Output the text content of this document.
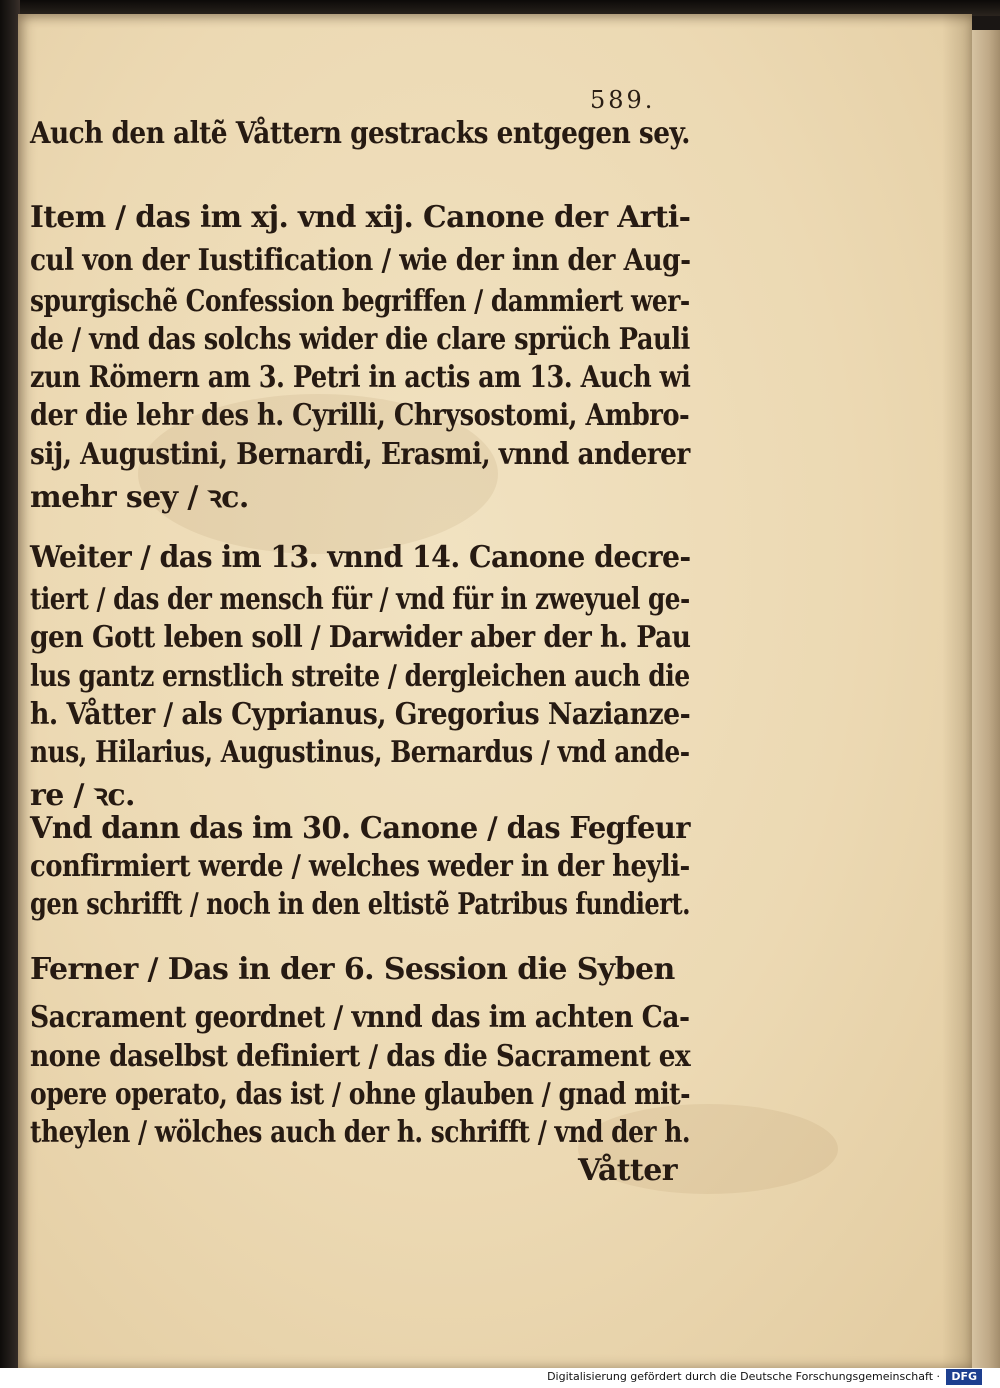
589.
Auch den altẽ Våttern gestracks entgegen sey.
Item / das im xj. vnd xij. Canone der Arti‑
cul von der Iustification / wie der inn der Aug‑
spurgischẽ Confession begriffen / dammiert wer‑
de / vnd das solchs wider die clare sprüch Pauli
zun Römern am 3. Petri in actis am 13. Auch wi
der die lehr des h. Cyrilli, Chrysostomi, Ambro‑
sij, Augustini, Bernardi, Erasmi, vnnd anderer
mehr sey / ꝛc.
Weiter / das im 13. vnnd 14. Canone decre‑
tiert / das der mensch für / vnd für in zweyuel ge‑
gen Gott leben soll / Darwider aber der h. Pau
lus gantz ernstlich streite / dergleichen auch die
h. Våtter / als Cyprianus, Gregorius Nazianze‑
nus, Hilarius, Augustinus, Bernardus / vnd ande‑
re / ꝛc.
Vnd dann das im 30. Canone / das Fegfeur
confirmiert werde / welches weder in der heyli‑
gen schrifft / noch in den eltistẽ Patribus fundiert.
Ferner / Das in der 6. Session die Syben
Sacrament geordnet / vnnd das im achten Ca‑
none daselbst definiert / das die Sacrament ex
opere operato, das ist / ohne glauben / gnad mit‑
theylen / wölches auch der h. schrifft / vnd der h.
Våtter
Digitalisierung gefördert durch die Deutsche Forschungsgemeinschaft ·	DFG
